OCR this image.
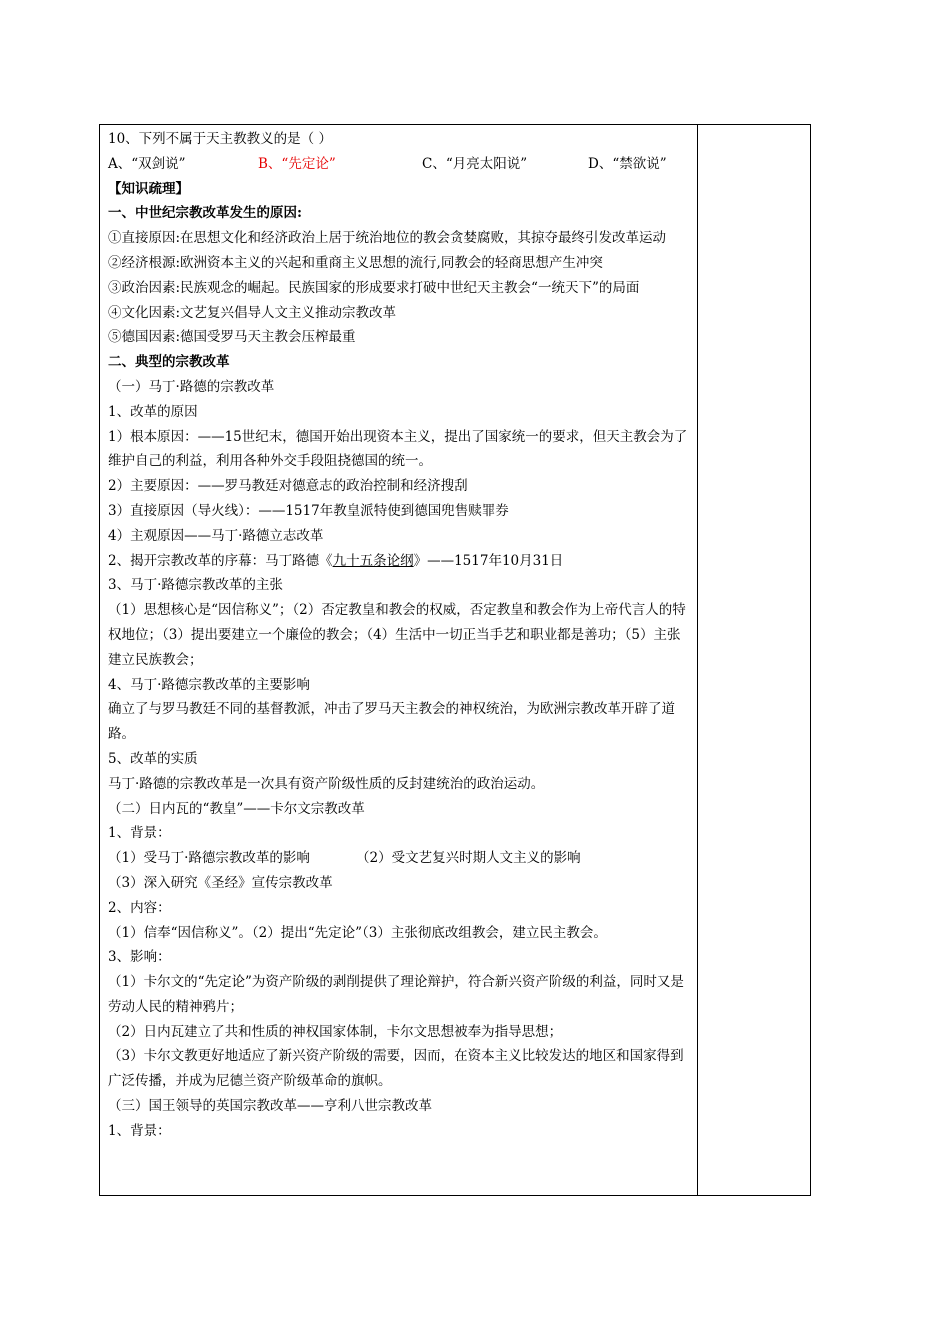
10、下列不属于天主教教义的是（ ）
A、“双剑说”	B、“先定论”	C、“月亮太阳说”	D、“禁欲说”
【知识疏理】
一、中世纪宗教改革发生的原因:
①直接原因:在思想文化和经济政治上居于统治地位的教会贪婪腐败，其掠夺最终引发改革运动
②经济根源:欧洲资本主义的兴起和重商主义思想的流行,同教会的轻商思想产生冲突
③政治因素:民族观念的崛起。民族国家的形成要求打破中世纪天主教会“一统天下”的局面
④文化因素:文艺复兴倡导人文主义推动宗教改革
⑤德国因素:德国受罗马天主教会压榨最重
二、典型的宗教改革
（一）马丁·路德的宗教改革
1、改革的原因
1）根本原因：——15世纪末，德国开始出现资本主义，提出了国家统一的要求，但天主教会为了维护自己的利益，利用各种外交手段阻挠德国的统一。
2）主要原因：——罗马教廷对德意志的政治控制和经济搜刮
3）直接原因（导火线）：——1517年教皇派特使到德国兜售赎罪券
4）主观原因——马丁·路德立志改革
2、揭开宗教改革的序幕：马丁路德《九十五条论纲》——1517年10月31日
3、马丁·路德宗教改革的主张
（1）思想核心是“因信称义”；（2）否定教皇和教会的权威，否定教皇和教会作为上帝代言人的特权地位；（3）提出要建立一个廉俭的教会；（4）生活中一切正当手艺和职业都是善功；（5）主张建立民族教会；
4、马丁·路德宗教改革的主要影响
确立了与罗马教廷不同的基督教派，冲击了罗马天主教会的神权统治，为欧洲宗教改革开辟了道路。
5、改革的实质
马丁·路德的宗教改革是一次具有资产阶级性质的反封建统治的政治运动。
（二）日内瓦的“教皇”——卡尔文宗教改革
1、背景：
（1）受马丁·路德宗教改革的影响	（2）受文艺复兴时期人文主义的影响
（3）深入研究《圣经》宣传宗教改革
2、内容：
（1）信奉“因信称义”。（2）提出“先定论”（3）主张彻底改组教会，建立民主教会。
3、影响：
（1）卡尔文的“先定论”为资产阶级的剥削提供了理论辩护，符合新兴资产阶级的利益，同时又是劳动人民的精神鸦片；
（2）日内瓦建立了共和性质的神权国家体制，卡尔文思想被奉为指导思想；
（3）卡尔文教更好地适应了新兴资产阶级的需要，因而，在资本主义比较发达的地区和国家得到广泛传播，并成为尼德兰资产阶级革命的旗帜。
（三）国王领导的英国宗教改革——亨利八世宗教改革
1、背景：
